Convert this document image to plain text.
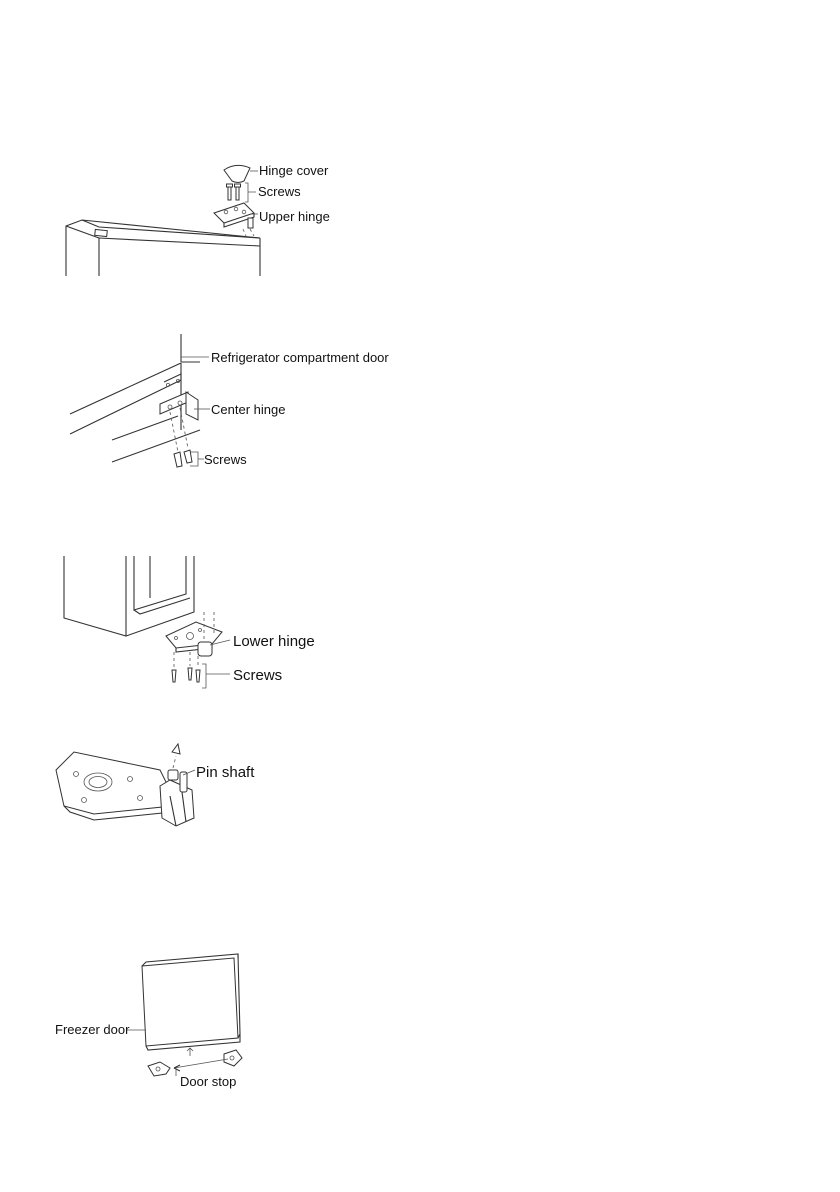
Hinge cover
Screws
Upper hinge
Refrigerator compartment door
Center hinge
Screws
Lower hinge
Screws
Pin shaft
Freezer door
Door stop
